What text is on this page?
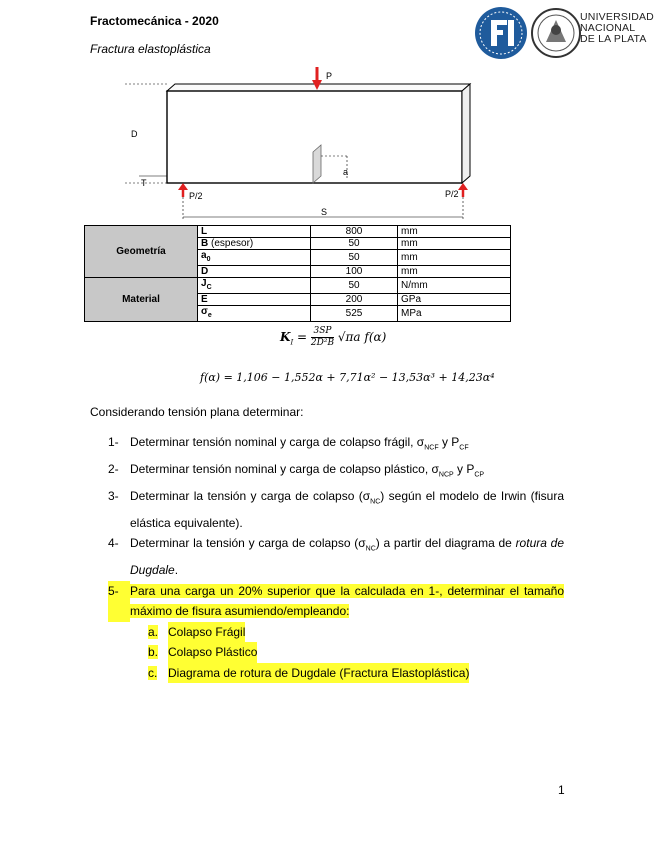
Fractomecánica - 2020
Fractura elastoplástica
UNIVERSIDAD
NACIONAL
DE LA PLATA
a
D
T
P
P/2	P/2
S
Geometría	L	800	mm
	B (espesor)	50	mm
	$a_0$	50	mm
	D	100	mm
Material	$J_C$	50	N/mm
	E	200	GPa
	$\sigma_e$	525	MPa
$K_I = \frac{3SP}{\text{2D²B}} √\pi a$ f(α)
f(α) = 1,106 − 1,552α + 7,71α² − 13,53α³ + 14,23α⁴
Considerando tensión plana determinar:
1- Determinar tensión nominal y carga de colapso frágil, $\sigma_{NCF}$ y $P_{CF}$
2- Determinar tensión nominal y carga de colapso plástico, $\sigma_{NCP}$ y $P_{CP}$
3- Determinar la tensión y carga de colapso $(\sigma_{NC})$ según el modelo de Irwin (fisura elástica equivalente).
4- Determinar la tensión y carga de colapso $(\sigma_{NC})$ a partir del diagrama de rotura de Dugdale.
5- Para una carga un 20% superior que la calculada en 1-, determinar el tamaño máximo de fisura asumiendo/empleando:
a. Colapso Frágil
b. Colapso Plástico
c. Diagrama de rotura de Dugdale (Fractura Elastoplástica)
1
